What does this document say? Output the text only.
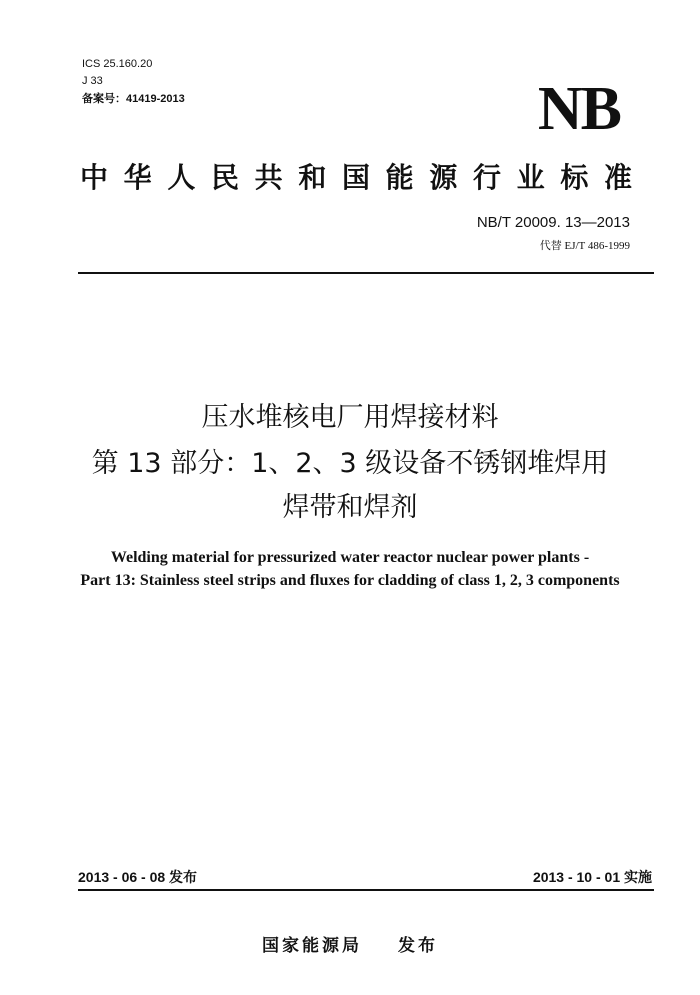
ICS 25.160.20
J 33
备案号：41419-2013	NB
中华人民共和国能源行业标准
NB/T 20009. 13—2013
代替 EJ/T 486-1999
压水堆核电厂用焊接材料
第 13 部分：1、2、3 级设备不锈钢堆焊用
焊带和焊剂
Welding material for pressurized water reactor nuclear power plants -
Part 13: Stainless steel strips and fluxes for cladding of class 1, 2, 3 components
2013 - 06 - 08 发布	2013 - 10 - 01 实施
国家能源局 发布
